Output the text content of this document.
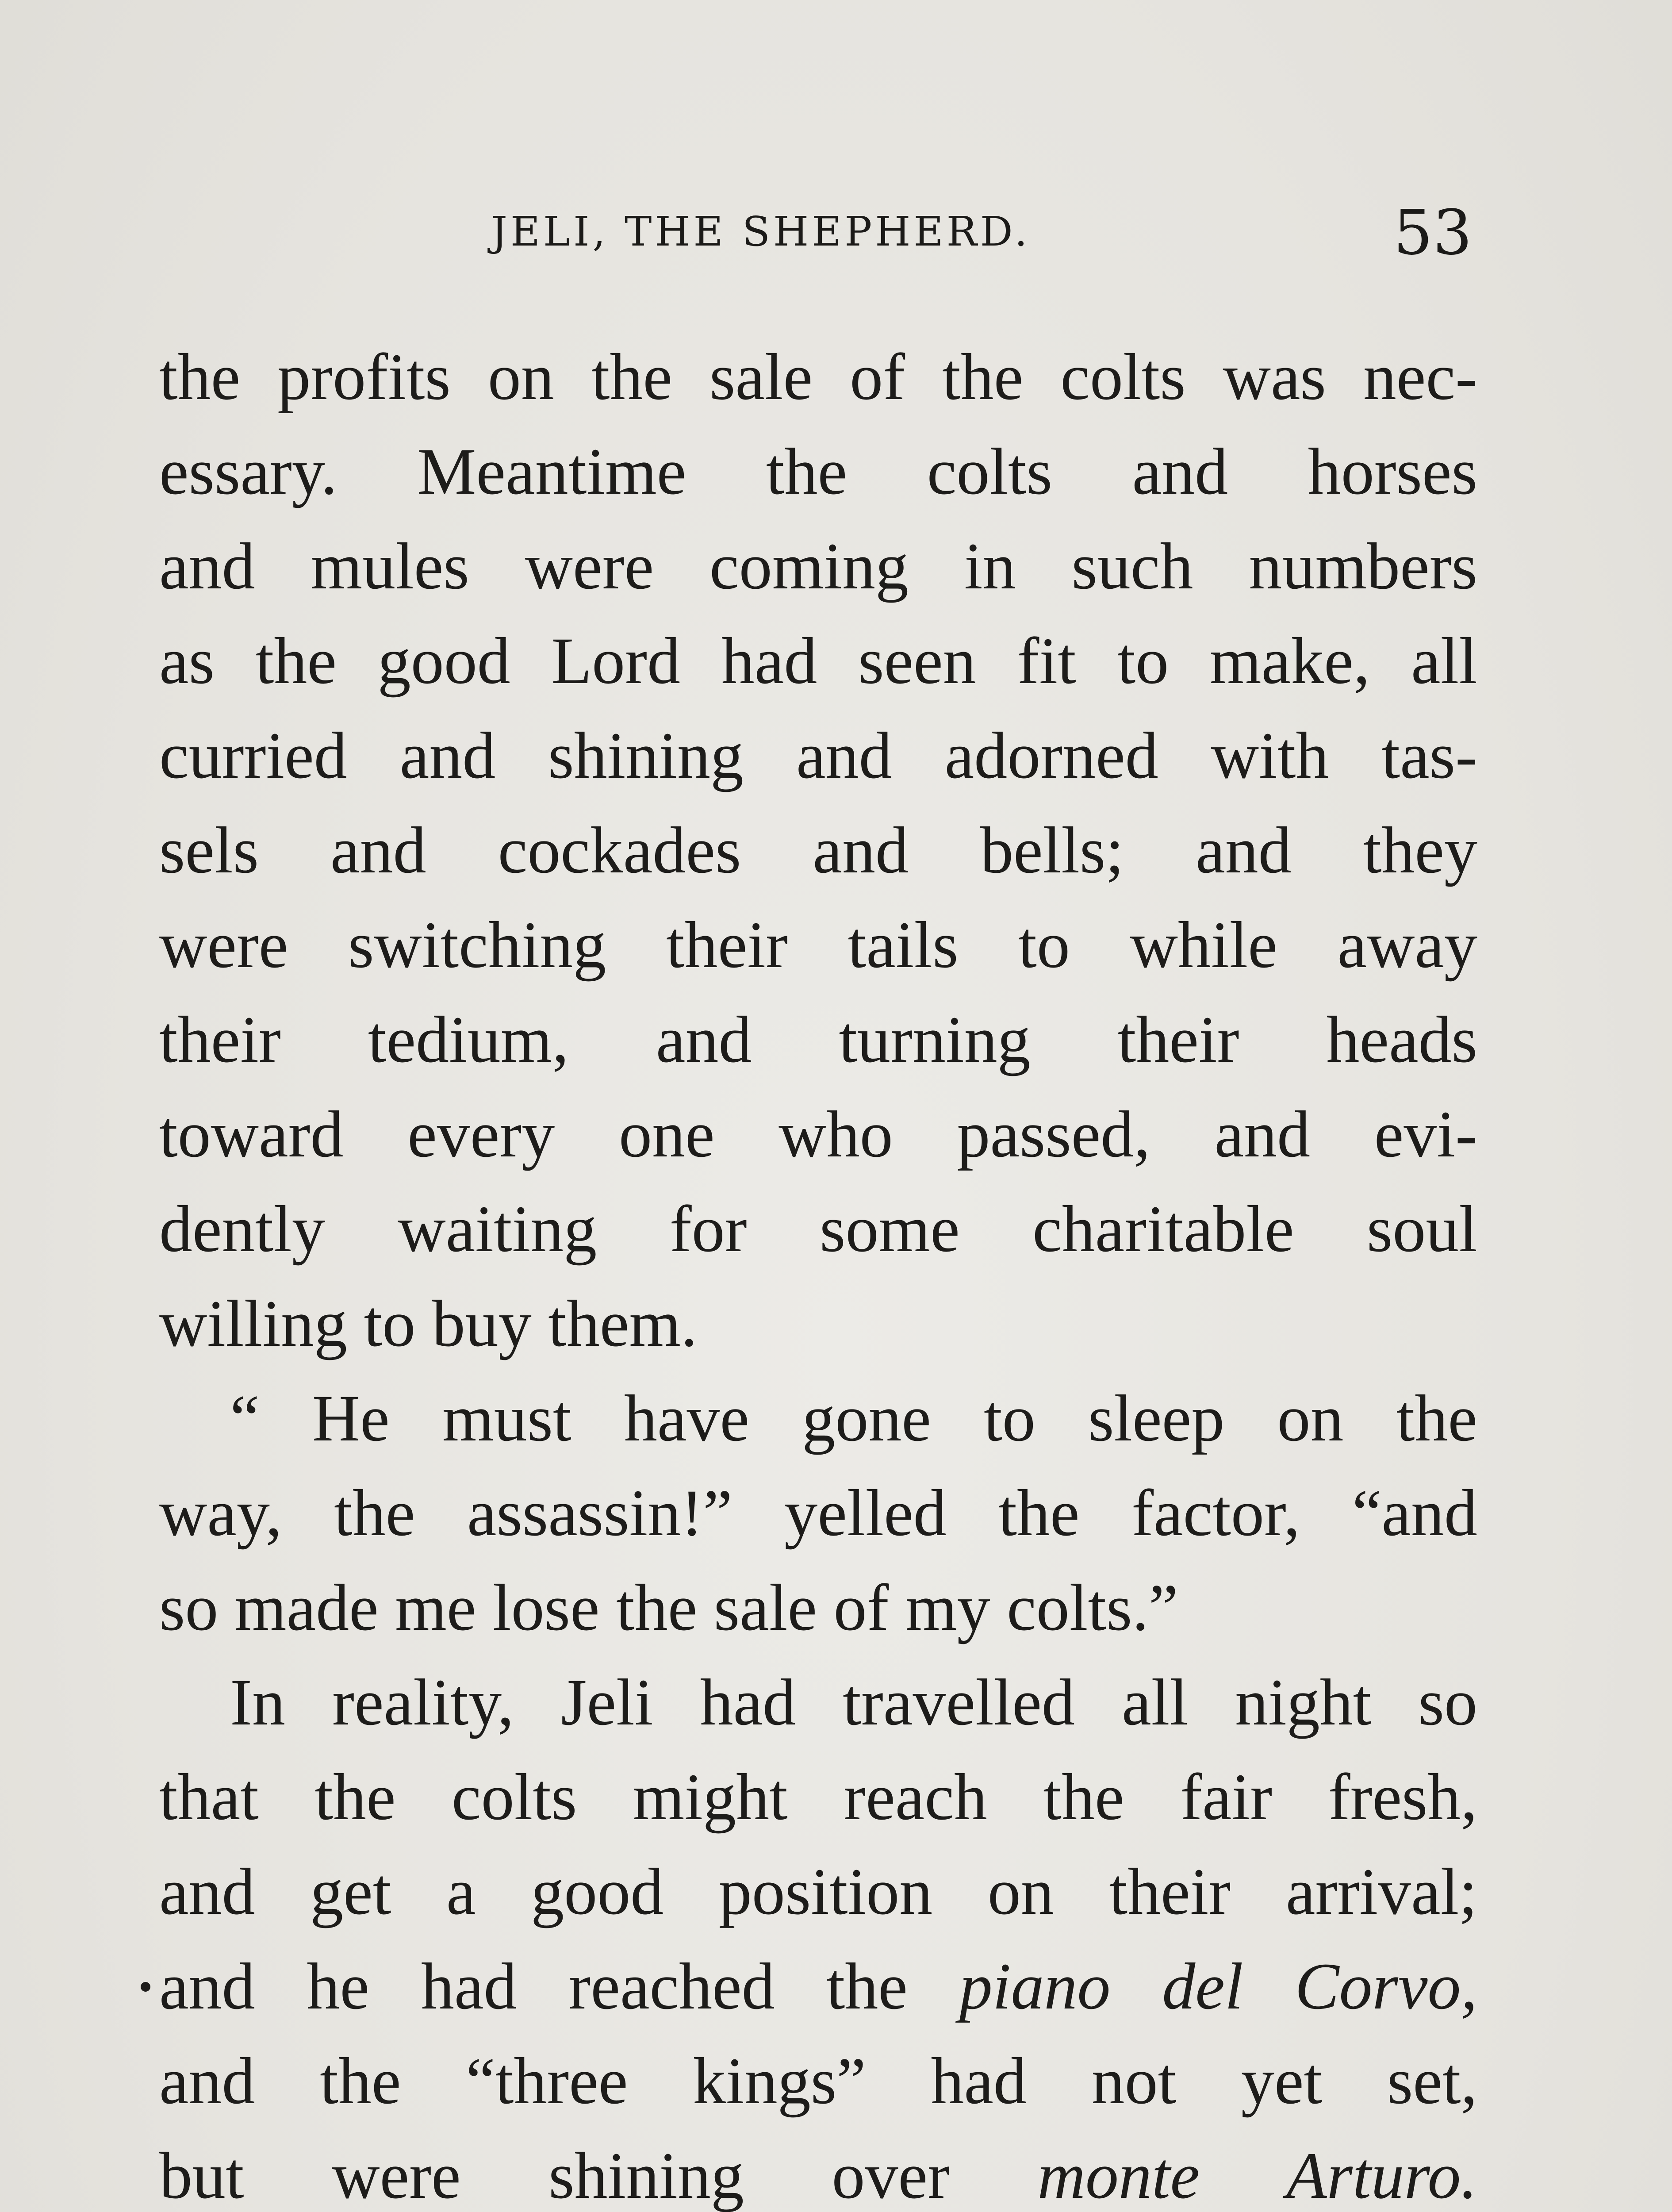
JELI, THE SHEPHERD.	53
the profits on the sale of the colts was nec-
essary. Meantime the colts and horses
and mules were coming in such numbers
as the good Lord had seen fit to make, all
curried and shining and adorned with tas-
sels and cockades and bells; and they
were switching their tails to while away
their tedium, and turning their heads
toward every one who passed, and evi-
dently waiting for some charitable soul
willing to buy them.
“ He must have gone to sleep on the
way, the assassin!” yelled the factor, “and
so made me lose the sale of my colts.”
In reality, Jeli had travelled all night so
that the colts might reach the fair fresh,
and get a good position on their arrival;
and he had reached the piano del Corvo,
and the “three kings” had not yet set,
but were shining over monte Arturo.
